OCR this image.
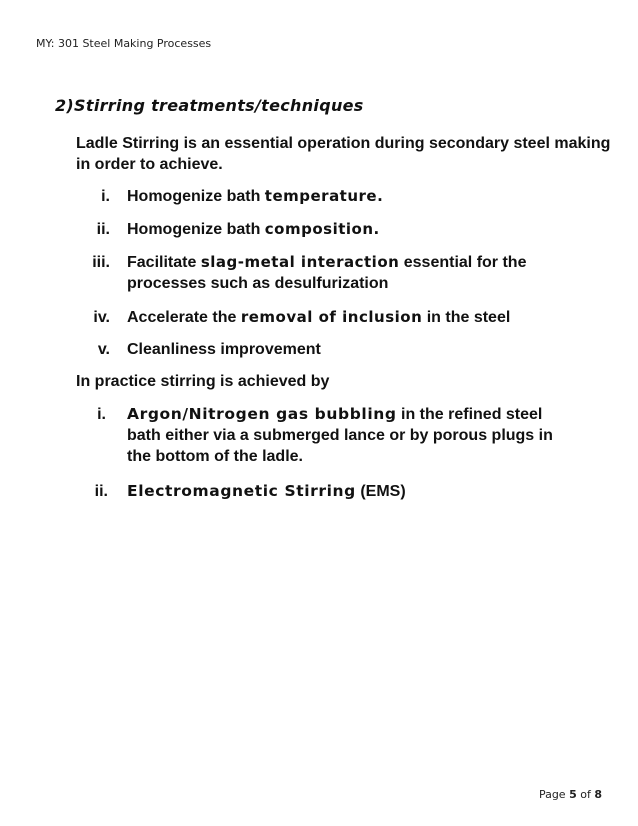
MY: 301 Steel Making Processes
2)Stirring treatments/techniques
Ladle Stirring is an essential operation during secondary steel making in order to achieve.
i. Homogenize bath temperature.
ii. Homogenize bath composition.
iii. Facilitate slag-metal interaction essential for the processes such as desulfurization
iv. Accelerate the removal of inclusion in the steel
v. Cleanliness improvement
In practice stirring is achieved by
i. Argon/Nitrogen gas bubbling in the refined steel bath either via a submerged lance or by porous plugs in the bottom of the ladle.
ii. Electromagnetic Stirring (EMS)
Page 5 of 8
